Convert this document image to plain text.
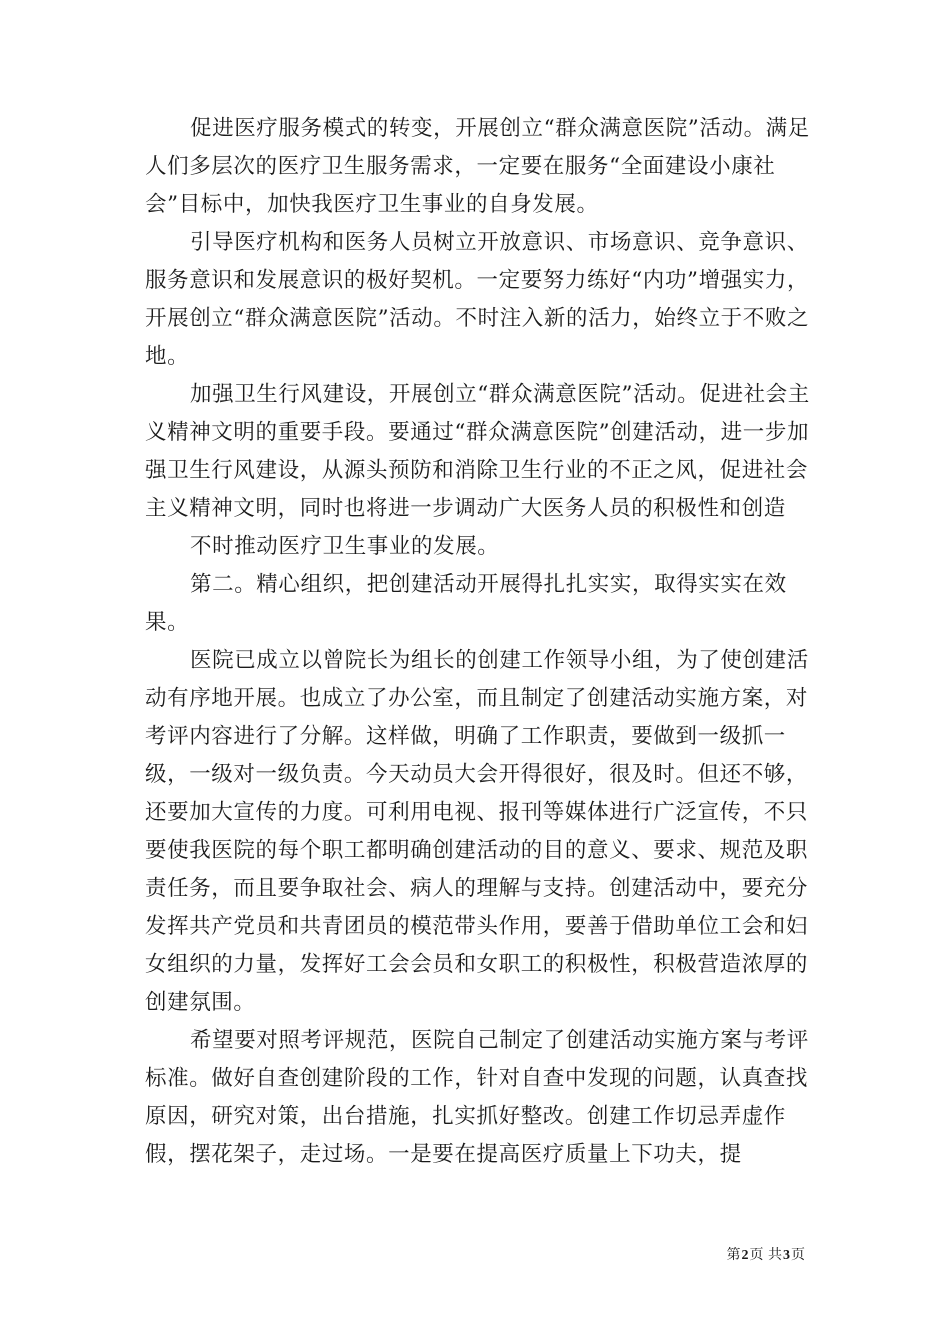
促进医疗服务模式的转变，开展创立“群众满意医院”活动。满足人们多层次的医疗卫生服务需求，一定要在服务“全面建设小康社会”目标中，加快我医疗卫生事业的自身发展。

引导医疗机构和医务人员树立开放意识、市场意识、竞争意识、服务意识和发展意识的极好契机。一定要努力练好“内功”增强实力，开展创立“群众满意医院”活动。不时注入新的活力，始终立于不败之地。

加强卫生行风建设，开展创立“群众满意医院”活动。促进社会主义精神文明的重要手段。要通过“群众满意医院”创建活动，进一步加强卫生行风建设，从源头预防和消除卫生行业的不正之风，促进社会主义精神文明，同时也将进一步调动广大医务人员的积极性和创造

不时推动医疗卫生事业的发展。

第二。精心组织，把创建活动开展得扎扎实实，取得实实在效果。

医院已成立以曾院长为组长的创建工作领导小组，为了使创建活动有序地开展。也成立了办公室，而且制定了创建活动实施方案，对考评内容进行了分解。这样做，明确了工作职责，要做到一级抓一级，一级对一级负责。今天动员大会开得很好，很及时。但还不够，还要加大宣传的力度。可利用电视、报刊等媒体进行广泛宣传，不只要使我医院的每个职工都明确创建活动的目的意义、要求、规范及职责任务，而且要争取社会、病人的理解与支持。创建活动中，要充分发挥共产党员和共青团员的模范带头作用，要善于借助单位工会和妇女组织的力量，发挥好工会会员和女职工的积极性，积极营造浓厚的创建氛围。

希望要对照考评规范，医院自己制定了创建活动实施方案与考评标准。做好自查创建阶段的工作，针对自查中发现的问题，认真查找原因，研究对策，出台措施，扎实抓好整改。创建工作切忌弄虚作假，摆花架子，走过场。一是要在提高医疗质量上下功夫，提

第2页 共3页
